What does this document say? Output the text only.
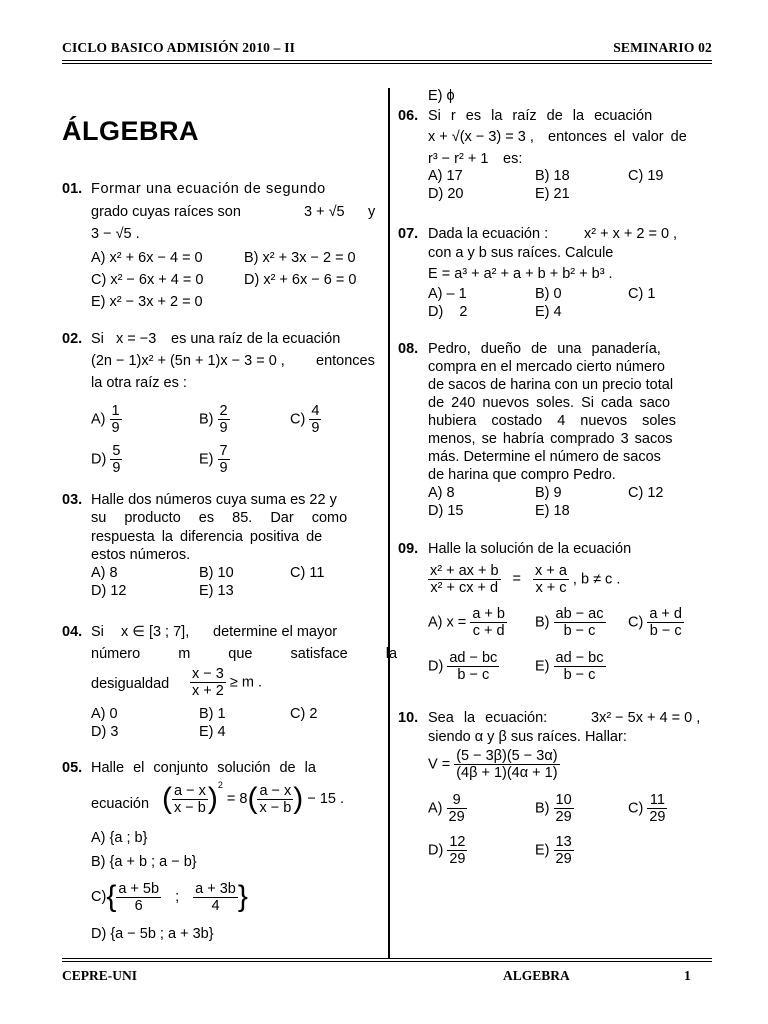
CICLO BASICO ADMISIÓN 2010 – II	SEMINARIO 02
ÁLGEBRA
01. Formar una ecuación de segundo
grado cuyas raíces son	3 + √5 y
3 − √5 .
A) x² + 6x − 4 = 0	B) x² + 3x − 2 = 0
C) x² − 6x + 4 = 0	D) x² + 6x − 6 = 0
E) x² − 3x + 2 = 0
02. Si x = −3 es una raíz de la ecuación
(2n − 1)x² + (5n + 1)x − 3 = 0 , entonces
la otra raíz es :
$A) \frac{1}{9}$	$B) \frac{2}{9}$	$C) \frac{4}{9}$
$D) \frac{5}{9}$	$E) \frac{7}{9}$
03. Halle dos números cuya suma es 22 y
su producto es 85. Dar como
respuesta la diferencia positiva de
estos números.
A) 8	B) 10	C) 11
D) 12	E) 13
04. Si x ∈ [3 ; 7], determine el mayor
número m que satisface la
desigualdad $\frac{x - 3}{x + 2} \ge m$ .
A) 0	B) 1	C) 2
D) 3	E) 4
05. Halle el conjunto solución de la
ecuación ( $\frac{a - x}{x - b} )^2 = 8( \frac{a - x}{x - b}$ ) − 15 .
A) {a ; b}
B) {a + b ; a − b}
$C)\{ \frac{a + 5b}{6}$ ; $\frac{a + 3b}{4}$ }
D) {a − 5b ; a + 3b}
E) ϕ
06. Si r es la raíz de la ecuación
x + √(x − 3) = 3 , entonces el valor de
r³ − r² + 1 es:
A) 17	B) 18	C) 19
D) 20	E) 21
07. Dada la ecuación : x² + x + 2 = 0 ,
con a y b sus raíces. Calcule
E = a³ + a² + a + b + b² + b³ .
A) – 1	B) 0	C) 1
D)    2	E) 4
08. Pedro, dueño de una panadería,
compra en el mercado cierto número
de sacos de harina con un precio total
de 240 nuevos soles. Si cada saco
hubiera costado 4 nuevos soles
menos, se habría comprado 3 sacos
más. Determine el número de sacos
de harina que compro Pedro.
A) 8	B) 9	C) 12
D) 15	E) 18
09. Halle la solución de la ecuación
$\frac{\text{x² + ax + b}}{\text{x² + cx + d}} = \frac{x + a}{x + c}$ , b ≠ c .
A) $x = \frac{a + b}{c + d} B) \frac{ab - ac}{b - c} C) \frac{a + d}{b - c}$
$D) \frac{ad - bc}{b - c} E) \frac{ad - bc}{b - c}$
10. Sea la ecuación:	3x² − 5x + 4 = 0 ,
siendo α y β sus raíces. Hallar:
$V = \frac{(5 - 3\beta)(5 - 3\alpha)}{(4\beta + 1)(4\alpha + 1)}$
$A) \frac{9}{29}$	$B) \frac{10}{29}$	$C) \frac{11}{29}$
$D) \frac{12}{29}$	$E) \frac{13}{29}$
CEPRE-UNI	ALGEBRA	1
